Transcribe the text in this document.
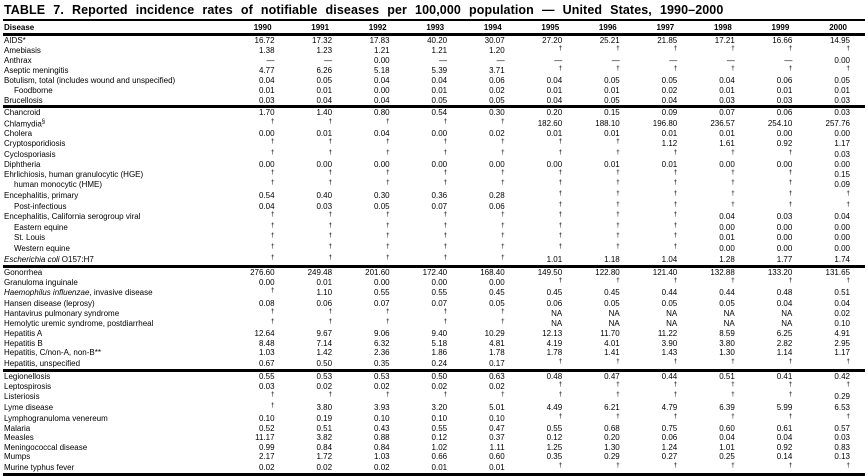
TABLE 7. Reported incidence rates of notifiable diseases per 100,000 population — United States, 1990–2000
Disease	1990	1991	1992	1993	1994	1995	1996	1997	1998	1999	2000
AIDS*	16.72	17.32	17.83	40.20	30.07	27.20	25.21	21.85	17.21	16.66	14.95
Amebiasis	1.38	1.23	1.21	1.21	1.20	†	†	†	†	†	†
Anthrax	—	—	0.00	—	—	—	—	—	—	—	0.00
Aseptic meningitis	4.77	6.26	5.18	5.39	3.71	†	†	†	†	†	†
Botulism, total (includes wound and unspecified)	0.04	0.05	0.04	0.04	0.06	0.04	0.05	0.05	0.04	0.06	0.05
Foodborne	0.01	0.01	0.00	0.01	0.02	0.01	0.01	0.02	0.01	0.01	0.01
Brucellosis	0.03	0.04	0.04	0.05	0.05	0.04	0.05	0.04	0.03	0.03	0.03
Chancroid	1.70	1.40	0.80	0.54	0.30	0.20	0.15	0.09	0.07	0.06	0.03
Chlamydia§	†	†	†	†	†	182.60	188.10	196.80	236.57	254.10	257.76
Cholera	0.00	0.01	0.04	0.00	0.02	0.01	0.01	0.01	0.01	0.00	0.00
Cryptosporidiosis	†	†	†	†	†	†	†	1.12	1.61	0.92	1.17
Cyclosporiasis	†	†	†	†	†	†	†	†	†	†	0.03
Diphtheria	0.00	0.00	0.00	0.00	0.00	0.00	0.01	0.01	0.00	0.00	0.00
Ehrlichiosis, human granulocytic (HGE)	†	†	†	†	†	†	†	†	†	†	0.15
human monocytic (HME)	†	†	†	†	†	†	†	†	†	†	0.09
Encephalitis, primary	0.54	0.40	0.30	0.36	0.28	†	†	†	†	†	†
Post-infectious	0.04	0.03	0.05	0.07	0.06	†	†	†	†	†	†
Encephalitis, California serogroup viral	†	†	†	†	†	†	†	†	0.04	0.03	0.04
Eastern equine	†	†	†	†	†	†	†	†	0.00	0.00	0.00
St. Louis	†	†	†	†	†	†	†	†	0.01	0.00	0.00
Western equine	†	†	†	†	†	†	†	†	0.00	0.00	0.00
Escherichia coli O157:H7	†	†	†	†	†	1.01	1.18	1.04	1.28	1.77	1.74
Gonorrhea	276.60	249.48	201.60	172.40	168.40	149.50	122.80	121.40	132.88	133.20	131.65
Granuloma inguinale	0.00	0.01	0.00	0.00	0.00	†	†	†	†	†	†
Haemophilus influenzae, invasive disease	†	1.10	0.55	0.55	0.45	0.45	0.45	0.44	0.44	0.48	0.51
Hansen disease (leprosy)	0.08	0.06	0.07	0.07	0.05	0.06	0.05	0.05	0.05	0.04	0.04
Hantavirus pulmonary syndrome	†	†	†	†	†	NA	NA	NA	NA	NA	0.02
Hemolytic uremic syndrome, postdiarrheal	†	†	†	†	†	NA	NA	NA	NA	NA	0.10
Hepatitis A	12.64	9.67	9.06	9.40	10.29	12.13	11.70	11.22	8.59	6.25	4.91
Hepatitis B	8.48	7.14	6.32	5.18	4.81	4.19	4.01	3.90	3.80	2.82	2.95
Hepatitis, C/non-A, non-B**	1.03	1.42	2.36	1.86	1.78	1.78	1.41	1.43	1.30	1.14	1.17
Hepatitis, unspecified	0.67	0.50	0.35	0.24	0.17	†	†	†	†	†	†
Legionellosis	0.55	0.53	0.53	0.50	0.63	0.48	0.47	0.44	0.51	0.41	0.42
Leptospirosis	0.03	0.02	0.02	0.02	0.02	†	†	†	†	†	†
Listeriosis	†	†	†	†	†	†	†	†	†	†	0.29
Lyme disease	†	3.80	3.93	3.20	5.01	4.49	6.21	4.79	6.39	5.99	6.53
Lymphogranuloma venereum	0.10	0.19	0.10	0.10	0.10	†	†	†	†	†	†
Malaria	0.52	0.51	0.43	0.55	0.47	0.55	0.68	0.75	0.60	0.61	0.57
Measles	11.17	3.82	0.88	0.12	0.37	0.12	0.20	0.06	0.04	0.04	0.03
Meningococcal disease	0.99	0.84	0.84	1.02	1.11	1.25	1.30	1.24	1.01	0.92	0.83
Mumps	2.17	1.72	1.03	0.66	0.60	0.35	0.29	0.27	0.25	0.14	0.13
Murine typhus fever	0.02	0.02	0.02	0.01	0.01	†	†	†	†	†	†
